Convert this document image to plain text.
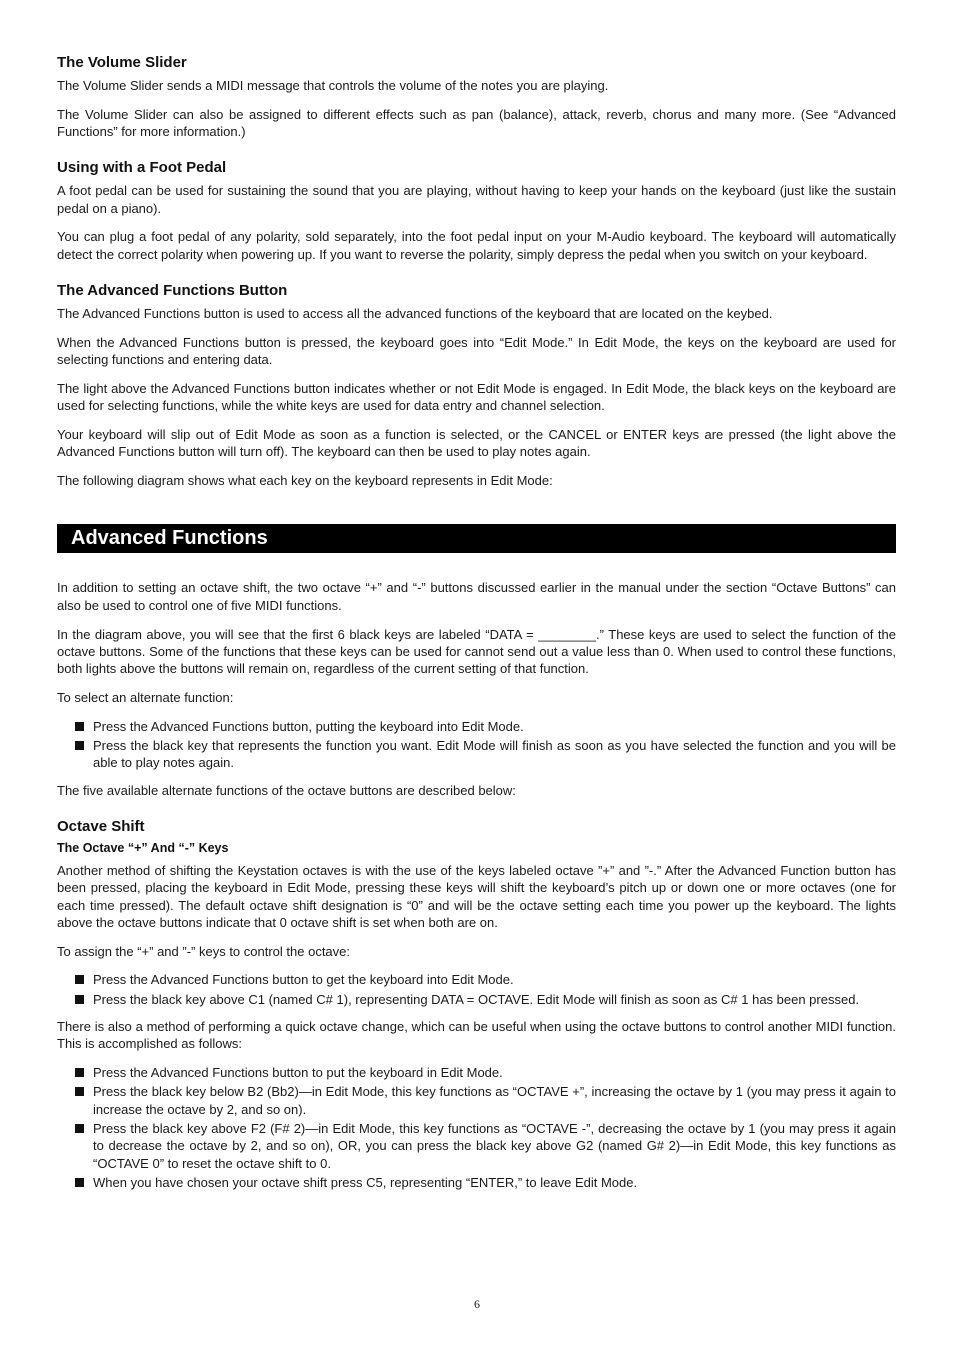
The Volume Slider

The Volume Slider sends a MIDI message that controls the volume of the notes you are playing.

The Volume Slider can also be assigned to different effects such as pan (balance), attack, reverb, chorus and many more. (See “Advanced Functions” for more information.)

Using with a Foot Pedal

A foot pedal can be used for sustaining the sound that you are playing, without having to keep your hands on the keyboard (just like the sustain pedal on a piano).

You can plug a foot pedal of any polarity, sold separately, into the foot pedal input on your M-Audio keyboard. The keyboard will automatically detect the correct polarity when powering up. If you want to reverse the polarity, simply depress the pedal when you switch on your keyboard.

The Advanced Functions Button

The Advanced Functions button is used to access all the advanced functions of the keyboard that are located on the keybed.

When the Advanced Functions button is pressed, the keyboard goes into “Edit Mode.” In Edit Mode, the keys on the keyboard are used for selecting functions and entering data.

The light above the Advanced Functions button indicates whether or not Edit Mode is engaged. In Edit Mode, the black keys on the keyboard are used for selecting functions, while the white keys are used for data entry and channel selection.

Your keyboard will slip out of Edit Mode as soon as a function is selected, or the CANCEL or ENTER keys are pressed (the light above the Advanced Functions button will turn off). The keyboard can then be used to play notes again.

The following diagram shows what each key on the keyboard represents in Edit Mode:

Advanced Functions

In addition to setting an octave shift, the two octave “+” and “-” buttons discussed earlier in the manual under the section “Octave Buttons” can also be used to control one of five MIDI functions.

In the diagram above, you will see that the first 6 black keys are labeled “DATA = ________.” These keys are used to select the function of the octave buttons. Some of the functions that these keys can be used for cannot send out a value less than 0. When used to control these functions, both lights above the buttons will remain on, regardless of the current setting of that function.

To select an alternate function:

Press the Advanced Functions button, putting the keyboard into Edit Mode.
Press the black key that represents the function you want. Edit Mode will finish as soon as you have selected the function and you will be able to play notes again.

The five available alternate functions of the octave buttons are described below:

Octave Shift
The Octave “+” And “-” Keys

Another method of shifting the Keystation octaves is with the use of the keys labeled octave ”+” and ”-.” After the Advanced Function button has been pressed, placing the keyboard in Edit Mode, pressing these keys will shift the keyboard’s pitch up or down one or more octaves (one for each time pressed). The default octave shift designation is “0” and will be the octave setting each time you power up the keyboard. The lights above the octave buttons indicate that 0 octave shift is set when both are on.

To assign the “+” and ”-” keys to control the octave:

Press the Advanced Functions button to get the keyboard into Edit Mode.
Press the black key above C1 (named C# 1), representing DATA = OCTAVE. Edit Mode will finish as soon as C# 1 has been pressed.

There is also a method of performing a quick octave change, which can be useful when using the octave buttons to control another MIDI function. This is accomplished as follows:

Press the Advanced Functions button to put the keyboard in Edit Mode.
Press the black key below B2 (Bb2)—in Edit Mode, this key functions as “OCTAVE +”, increasing the octave by 1 (you may press it again to increase the octave by 2, and so on).
Press the black key above F2 (F# 2)—in Edit Mode, this key functions as “OCTAVE -”, decreasing the octave by 1 (you may press it again to decrease the octave by 2, and so on), OR, you can press the black key above G2 (named G# 2)—in Edit Mode, this key functions as “OCTAVE 0” to reset the octave shift to 0.
When you have chosen your octave shift press C5, representing “ENTER,” to leave Edit Mode.
6
